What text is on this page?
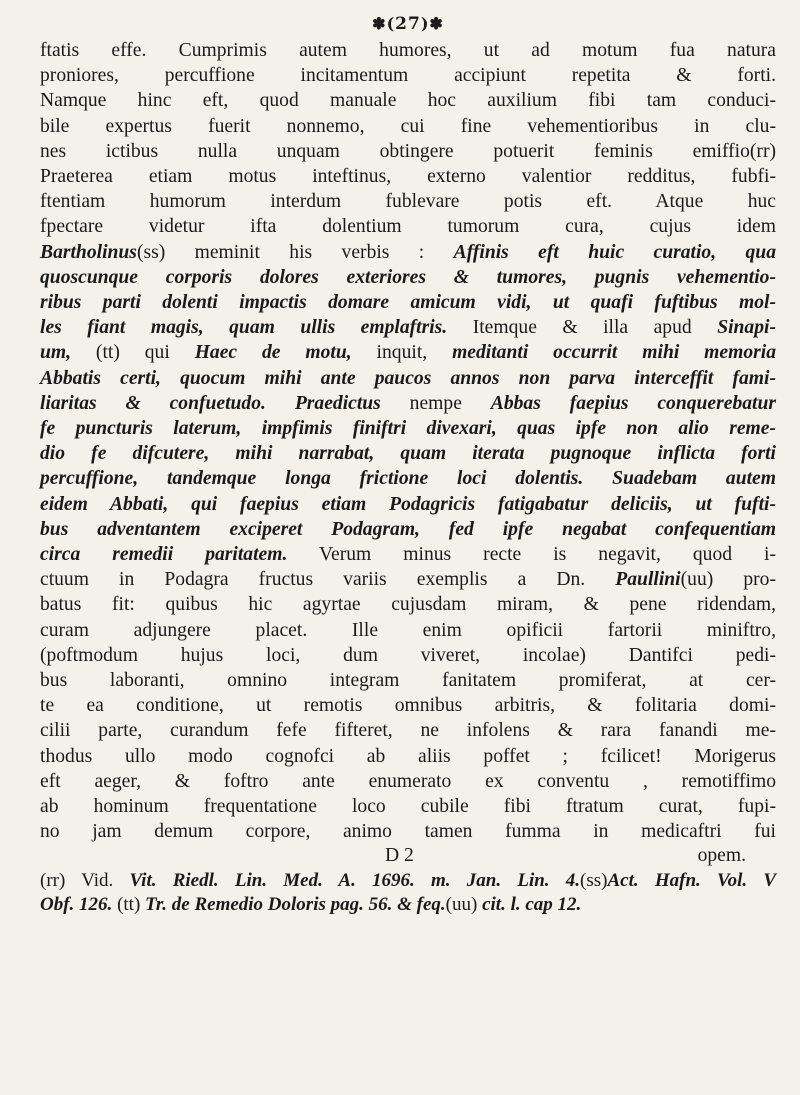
✽(27)✽
ftatis effe. Cumprimis autem humores, ut ad motum fua natura
proniores, percuffione incitamentum accipiunt repetita & forti.
Namque hinc eft, quod manuale hoc auxilium fibi tam conduci-
bile expertus fuerit nonnemo, cui fine vehementioribus in clu-
nes ictibus nulla unquam obtingere potuerit feminis emiffio(rr)
Praeterea etiam motus inteftinus, externo valentior redditus, fubfi-
ftentiam humorum interdum fublevare potis eft. Atque huc
fpectare videtur ifta dolentium tumorum cura, cujus idem
Bartholinus(ss) meminit his verbis : Affinis eft huic curatio, qua
quoscunque corporis dolores exteriores & tumores, pugnis vehementio-
ribus parti dolenti impactis domare amicum vidi, ut quafi fuftibus mol-
les fiant magis, quam ullis emplaftris. Itemque & illa apud Sinapi-
um, (tt) qui Haec de motu, inquit, meditanti occurrit mihi memoria
Abbatis certi, quocum mihi ante paucos annos non parva interceffit fami-
liaritas & confuetudo. Praedictus nempe Abbas faepius conquerebatur
fe puncturis laterum, impfimis finiftri divexari, quas ipfe non alio reme-
dio fe difcutere, mihi narrabat, quam iterata pugnoque inflicta forti
percuffione, tandemque longa frictione loci dolentis. Suadebam autem
eidem Abbati, qui faepius etiam Podagricis fatigabatur deliciis, ut fufti-
bus adventantem exciperet Podagram, fed ipfe negabat confequentiam
circa remedii paritatem. Verum minus recte is negavit, quod i-
ctuum in Podagra fructus variis exemplis a Dn. Paullini(uu) pro-
batus fit: quibus hic agyrtae cujusdam miram, & pene ridendam,
curam adjungere placet. Ille enim opificii fartorii miniftro,
(poftmodum hujus loci, dum viveret, incolae) Dantifci pedi-
bus laboranti, omnino integram fanitatem promiferat, at cer-
te ea conditione, ut remotis omnibus arbitris, & folitaria domi-
cilii parte, curandum fefe fifteret, ne infolens & rara fanandi me-
thodus ullo modo cognofci ab aliis poffet ; fcilicet! Morigerus
eft aeger, & foftro ante enumerato ex conventu , remotiffimo
ab hominum frequentatione loco cubile fibi ftratum curat, fupi-
no jam demum corpore, animo tamen fumma in medicaftri fui
D 2	opem.
(rr) Vid. Vit. Riedl. Lin. Med. A. 1696. m. Jan. Lin. 4.(ss)Act. Hafn. Vol. V
Obf. 126. (tt) Tr. de Remedio Doloris pag. 56. & feq.(uu) cit. l. cap 12.
